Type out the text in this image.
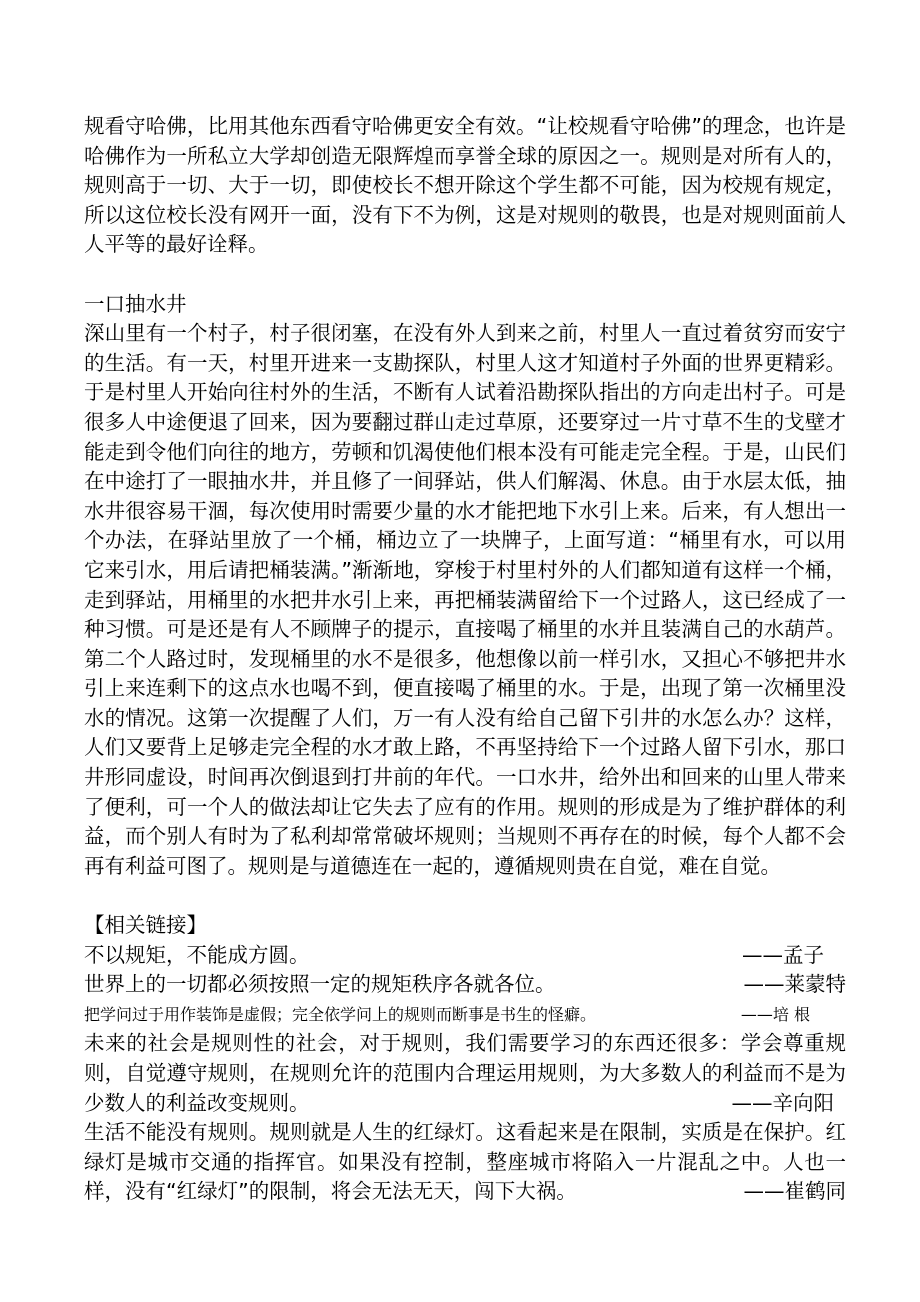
规看守哈佛，比用其他东西看守哈佛更安全有效。“让校规看守哈佛”的理念，也许是哈佛作为一所私立大学却创造无限辉煌而享誉全球的原因之一。规则是对所有人的，规则高于一切、大于一切，即使校长不想开除这个学生都不可能，因为校规有规定，所以这位校长没有网开一面，没有下不为例，这是对规则的敬畏，也是对规则面前人人平等的最好诠释。

一口抽水井

深山里有一个村子，村子很闭塞，在没有外人到来之前，村里人一直过着贫穷而安宁的生活。有一天，村里开进来一支勘探队，村里人这才知道村子外面的世界更精彩。于是村里人开始向往村外的生活，不断有人试着沿勘探队指出的方向走出村子。可是很多人中途便退了回来，因为要翻过群山走过草原，还要穿过一片寸草不生的戈壁才能走到令他们向往的地方，劳顿和饥渴使他们根本没有可能走完全程。于是，山民们在中途打了一眼抽水井，并且修了一间驿站，供人们解渴、休息。由于水层太低，抽水井很容易干涸，每次使用时需要少量的水才能把地下水引上来。后来，有人想出一个办法，在驿站里放了一个桶，桶边立了一块牌子，上面写道：“桶里有水，可以用它来引水，用后请把桶装满。”渐渐地，穿梭于村里村外的人们都知道有这样一个桶，走到驿站，用桶里的水把井水引上来，再把桶装满留给下一个过路人，这已经成了一种习惯。可是还是有人不顾牌子的提示，直接喝了桶里的水并且装满自己的水葫芦。第二个人路过时，发现桶里的水不是很多，他想像以前一样引水，又担心不够把井水引上来连剩下的这点水也喝不到，便直接喝了桶里的水。于是，出现了第一次桶里没水的情况。这第一次提醒了人们，万一有人没有给自己留下引井的水怎么办？这样，人们又要背上足够走完全程的水才敢上路，不再坚持给下一个过路人留下引水，那口井形同虚设，时间再次倒退到打井前的年代。一口水井，给外出和回来的山里人带来了便利，可一个人的做法却让它失去了应有的作用。规则的形成是为了维护群体的利益，而个别人有时为了私利却常常破坏规则；当规则不再存在的时候，每个人都不会再有利益可图了。规则是与道德连在一起的，遵循规则贵在自觉，难在自觉。

【相关链接】

不以规矩，不能成方圆。	——孟子
世界上的一切都必须按照一定的规矩秩序各就各位。	——莱蒙特
把学问过于用作装饰是虚假；完全依学问上的规则而断事是书生的怪癖。	——培 根
未来的社会是规则性的社会，对于规则，我们需要学习的东西还很多：学会尊重规则，自觉遵守规则，在规则允许的范围内合理运用规则，为大多数人的利益而不是为少数人的利益改变规则。	——辛向阳
生活不能没有规则。规则就是人生的红绿灯。这看起来是在限制，实质是在保护。红绿灯是城市交通的指挥官。如果没有控制，整座城市将陷入一片混乱之中。人也一样，没有“红绿灯”的限制，将会无法无天，闯下大祸。	——崔鹤同
